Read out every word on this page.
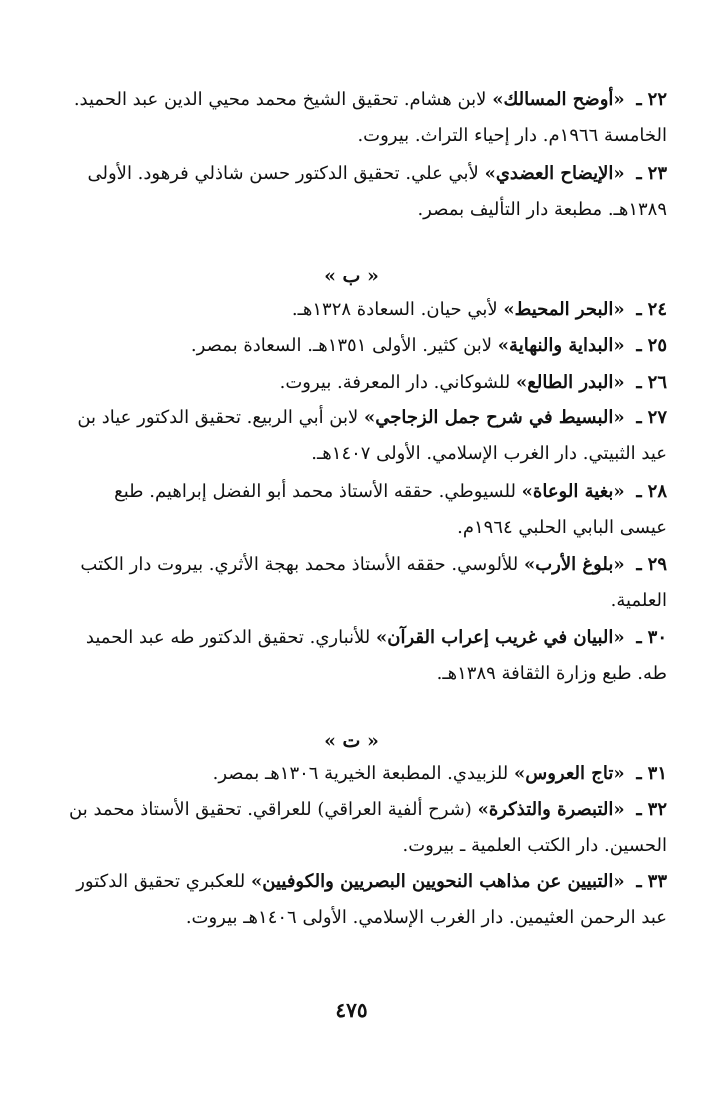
٢٢ـ «أوضح المسالك» لابن هشام. تحقيق الشيخ محمد محيي الدين عبد الحميد. الخامسة ١٩٦٦م. دار إحياء التراث. بيروت.
٢٣ـ «الإيضاح العضدي» لأبي علي. تحقيق الدكتور حسن شاذلي فرهود. الأولى ١٣٨٩هـ. مطبعة دار التأليف بمصر.
« ب »
٢٤ـ «البحر المحيط» لأبي حيان. السعادة ١٣٢٨هـ.
٢٥ـ «البداية والنهاية» لابن كثير. الأولى ١٣٥١هـ. السعادة بمصر.
٢٦ـ «البدر الطالع» للشوكاني. دار المعرفة. بيروت.
٢٧ـ «البسيط في شرح جمل الزجاجي» لابن أبي الربيع. تحقيق الدكتور عياد بن عيد الثبيتي. دار الغرب الإسلامي. الأولى ١٤٠٧هـ.
٢٨ـ «بغية الوعاة» للسيوطي. حققه الأستاذ محمد أبو الفضل إبراهيم. طبع عيسى البابي الحلبي ١٩٦٤م.
٢٩ـ «بلوغ الأرب» للألوسي. حققه الأستاذ محمد بهجة الأثري. بيروت دار الكتب العلمية.
٣٠ـ «البيان في غريب إعراب القرآن» للأنباري. تحقيق الدكتور طه عبد الحميد طه. طبع وزارة الثقافة ١٣٨٩هـ.
« ت »
٣١ـ «تاج العروس» للزبيدي. المطبعة الخيرية ١٣٠٦هـ بمصر.
٣٢ـ «التبصرة والتذكرة» (شرح ألفية العراقي) للعراقي. تحقيق الأستاذ محمد بن الحسين. دار الكتب العلمية ـ بيروت.
٣٣ـ «التبيين عن مذاهب النحويين البصريين والكوفيين» للعكبري تحقيق الدكتور عبد الرحمن العثيمين. دار الغرب الإسلامي. الأولى ١٤٠٦هـ بيروت.
٤٧٥
